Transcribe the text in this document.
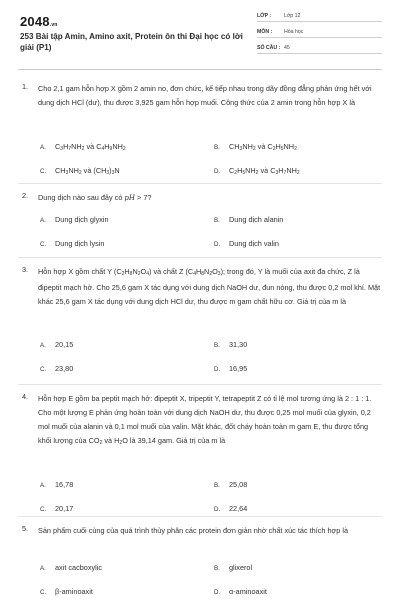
2048.vn
253 Bài tập Amin, Amino axit, Protein ôn thi Đại học có lời giải (P1)
LỚP : Lớp 12
MÔN : Hóa học
SỐ CÂU : 45
1. Cho 2,1 gam hỗn hợp X gồm 2 amin no, đơn chức, kế tiếp nhau trong dãy đồng đẳng phản ứng hết với dung dịch HCl (dư), thu được 3,925 gam hỗn hợp muối. Công thức của 2 amin trong hỗn hợp X là
A. $C_3H_7NH_2$ và $C_4H_9NH_2$	B. $CH_3NH_2$ và $C_2H_5NH_2$
C. $CH_3NH_2$ và $(CH_3)_3N$	D. $C_2H_5NH_2$ và $C_3H_7NH_2$
2. Dung dịch nào sau đây có pH > 7?
A. Dung dịch glyxin	B. Dung dịch alanin
C. Dung dịch lysin	D. Dung dịch valin
3. Hỗn hợp X gồm chất Y $(C_2H_8N_2O_4)$ và chất Z $(C_4H_8N_2O_3)$; trong đó, Y là muối của axit đa chức, Z là đipeptit mạch hở. Cho 25,6 gam X tác dụng với dung dịch NaOH dư, đun nóng, thu được 0,2 mol khí. Mặt khác 25,6 gam X tác dụng với dung dịch HCl dư, thu được m gam chất hữu cơ. Giá trị của m là
A. 20,15	B. 31,30
C. 23,80	D. 16,95
4. Hỗn hợp E gồm ba peptit mạch hở: đipeptit X, tripeptit Y, tetrapeptit Z có tỉ lệ mol tương ứng là 2 : 1 : 1. Cho một lượng E phản ứng hoàn toàn với dung dịch NaOH dư, thu được 0,25 mol muối của glyxin, 0,2 mol muối của alanin và 0,1 mol muối của valin. Mặt khác, đốt cháy hoàn toàn m gam E, thu được tổng khối lượng của $CO_2$ và $H_2O$ là 39,14 gam. Giá trị của m là
A. 16,78	B. 25,08
C. 20,17	D. 22,64
5. Sản phẩm cuối cùng của quá trình thủy phân các protein đơn giản nhờ chất xúc tác thích hợp là
A. axit cacboxylic	B. glixerol
C. β-aminoaxit	D. α-aminoaxit
